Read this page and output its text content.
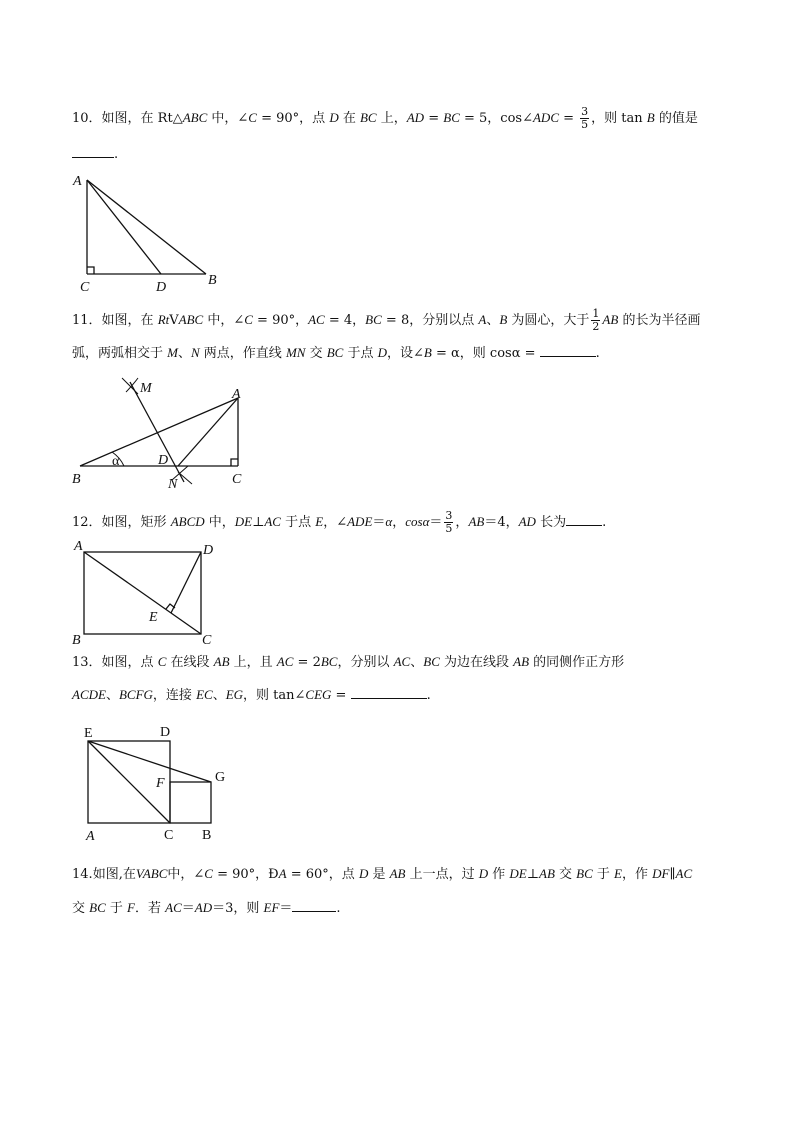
10．如图，在 Rt△ABC 中，∠C = 90°，点 D 在 BC 上，AD = BC = 5，cos∠ADC = $\frac{3}{5}$ ，则 tan B 的值是
.
A
C	D	B
11．如图，在 RtVABC 中，∠C = 90°，AC = 4，BC = 8，分别以点 A、B 为圆心，大于 $\frac{1}{2}$ AB 的长为半径画
弧，两弧相交于 M、N 两点，作直线 MN 交 BC 于点 D，设∠B = α，则 cosα =	.
M	A
α	D
B	N	C
12．如图，矩形 ABCD 中，DE⊥AC 于点 E，∠ADE＝α，$\cos\alpha= \frac{3}{5}$ ，AB＝4，AD 长为	.
A	D
E
B	C
13．如图，点 C 在线段 AB 上，且 AC = 2BC，分别以 AC、BC 为边在线段 AB 的同侧作正方形
ACDE、BCFG，连接 EC、EG，则 tan∠CEG =	.
E	D
F	G
A	C B
14.如图,在VABC中，∠C = 90°，ÐA = 60°，点 D 是 AB 上一点，过 D 作 DE⊥AB 交 BC 于 E，作 DF∥AC
交 BC 于 F．若 AC＝AD＝3，则 EF＝	.
